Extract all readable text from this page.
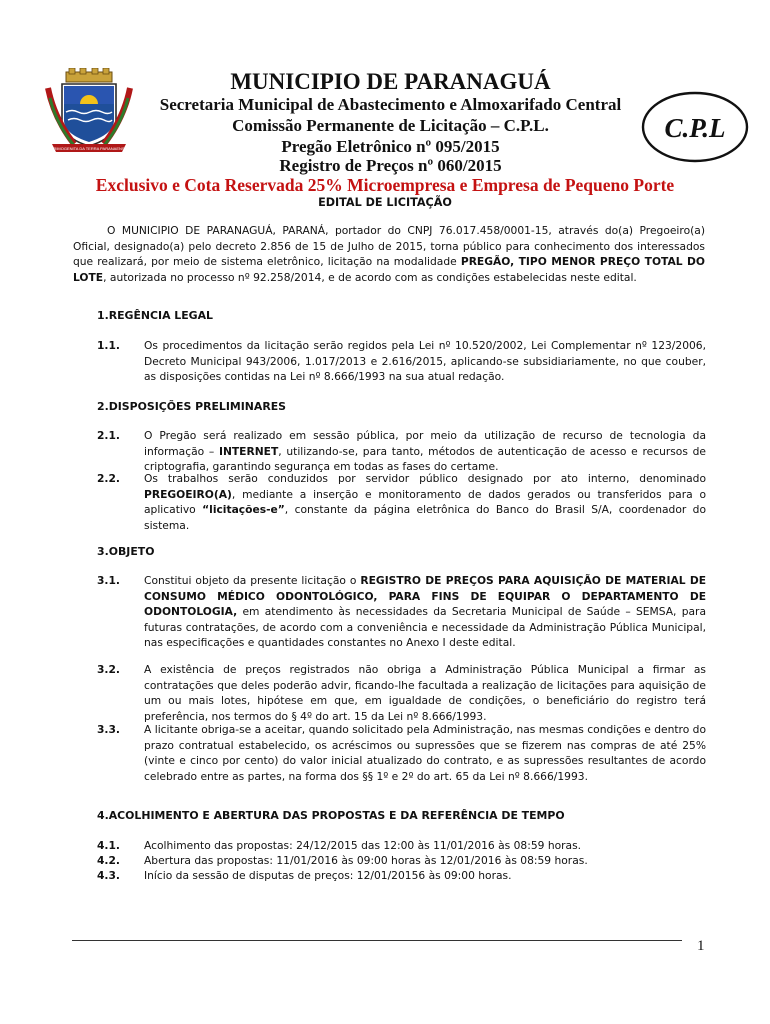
PRIMOGENITA DA TERRA PARANAENSE
C.P.L
MUNICIPIO DE PARANAGUÁ
Secretaria Municipal de Abastecimento e Almoxarifado Central
Comissão Permanente de Licitação – C.P.L.
Pregão Eletrônico nº 095/2015
Registro de Preços nº 060/2015
Exclusivo e Cota Reservada 25% Microempresa e Empresa de Pequeno Porte
EDITAL DE LICITAÇÃO

O MUNICIPIO DE PARANAGUÁ, PARANÁ, portador do CNPJ 76.017.458/0001-15, através do(a) Pregoeiro(a) Oficial, designado(a) pelo decreto 2.856 de 15 de Julho de 2015, torna público para conhecimento dos interessados que realizará, por meio de sistema eletrônico, licitação na modalidade PREGÃO, TIPO MENOR PREÇO TOTAL DO LOTE, autorizada no processo nº 92.258/2014, e de acordo com as condições estabelecidas neste edital.

1.REGÊNCIA LEGAL
1.1.	Os procedimentos da licitação serão regidos pela Lei nº 10.520/2002, Lei Complementar nº 123/2006, Decreto Municipal 943/2006, 1.017/2013 e 2.616/2015, aplicando-se subsidiariamente, no que couber, as disposições contidas na Lei nº 8.666/1993 na sua atual redação.

2.DISPOSIÇÕES PRELIMINARES
2.1.	O Pregão será realizado em sessão pública, por meio da utilização de recurso de tecnologia da informação – INTERNET, utilizando-se, para tanto, métodos de autenticação de acesso e recursos de criptografia, garantindo segurança em todas as fases do certame.

2.2.	Os trabalhos serão conduzidos por servidor público designado por ato interno, denominado PREGOEIRO(A), mediante a inserção e monitoramento de dados gerados ou transferidos para o aplicativo “licitações-e”, constante da página eletrônica do Banco do Brasil S/A, coordenador do sistema.

3.OBJETO
3.1.	Constitui objeto da presente licitação o REGISTRO DE PREÇOS PARA AQUISIÇÃO DE MATERIAL DE CONSUMO MÉDICO ODONTOLÓGICO, PARA FINS DE EQUIPAR O DEPARTAMENTO DE ODONTOLOGIA, em atendimento às necessidades da Secretaria Municipal de Saúde – SEMSA, para futuras contratações, de acordo com a conveniência e necessidade da Administração Pública Municipal, nas especificações e quantidades constantes no Anexo I deste edital.

3.2.	A existência de preços registrados não obriga a Administração Pública Municipal a firmar as contratações que deles poderão advir, ficando-lhe facultada a realização de licitações para aquisição de um ou mais lotes, hipótese em que, em igualdade de condições, o beneficiário do registro terá preferência, nos termos do § 4º do art. 15 da Lei nº 8.666/1993.

3.3.	A licitante obriga-se a aceitar, quando solicitado pela Administração, nas mesmas condições e dentro do prazo contratual estabelecido, os acréscimos ou supressões que se fizerem nas compras de até 25% (vinte e cinco por cento) do valor inicial atualizado do contrato, e as supressões resultantes de acordo celebrado entre as partes, na forma dos §§ 1º e 2º do art. 65 da Lei nº 8.666/1993.

4.ACOLHIMENTO E ABERTURA DAS PROPOSTAS E DA REFERÊNCIA DE TEMPO
4.1.	Acolhimento das propostas: 24/12/2015 das 12:00 às 11/01/2016 às 08:59 horas.

4.2.	Abertura das propostas: 11/01/2016 às 09:00 horas às 12/01/2016 às 08:59 horas.

4.3.	Início da sessão de disputas de preços: 12/01/20156 às 09:00 horas.

1
